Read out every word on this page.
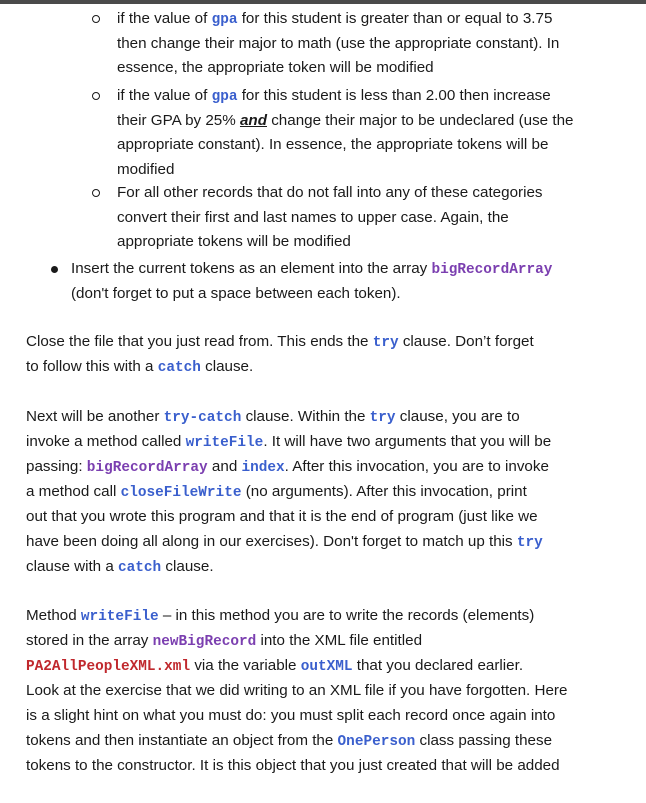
if the value of gpa for this student is greater than or equal to 3.75
then change their major to math (use the appropriate constant). In
essence, the appropriate token will be modified
if the value of gpa for this student is less than 2.00 then increase
their GPA by 25% and change their major to be undeclared (use the
appropriate constant). In essence, the appropriate tokens will be
modified
For all other records that do not fall into any of these categories
convert their first and last names to upper case. Again, the
appropriate tokens will be modified
Insert the current tokens as an element into the array bigRecordArray
(don't forget to put a space between each token).
Close the file that you just read from. This ends the try clause. Don’t forget
to follow this with a catch clause.
Next will be another try-catch clause. Within the try clause, you are to
invoke a method called writeFile. It will have two arguments that you will be
passing: bigRecordArray and index. After this invocation, you are to invoke
a method call closeFileWrite (no arguments). After this invocation, print
out that you wrote this program and that it is the end of program (just like we
have been doing all along in our exercises). Don't forget to match up this try
clause with a catch clause.
Method writeFile – in this method you are to write the records (elements)
stored in the array newBigRecord into the XML file entitled
PA2AllPeopleXML.xml via the variable outXML that you declared earlier.
Look at the exercise that we did writing to an XML file if you have forgotten. Here
is a slight hint on what you must do: you must split each record once again into
tokens and then instantiate an object from the OnePerson class passing these
tokens to the constructor. It is this object that you just created that will be added
